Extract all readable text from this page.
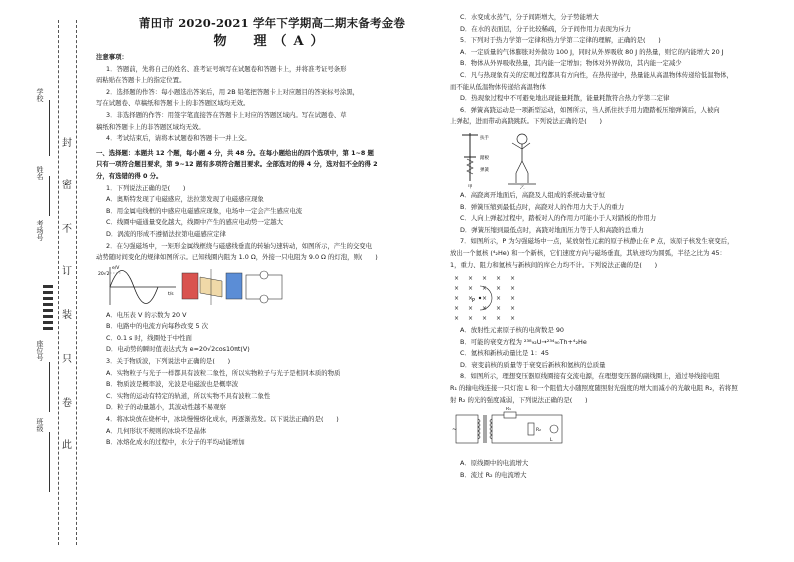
学校
姓名
考场号
座位号
班级
封
密
不
订
装
只
卷
此

莆田市 2020-2021 学年下学期高二期末备考金卷

物　理（A）

注意事项：

1．答题前，先将自己的姓名、准考证号填写在试题卷和答题卡上，并将准考证号条形

码粘贴在答题卡上的指定位置。

2．选择题的作答：每小题选出答案后，用 2B 铅笔把答题卡上对应题目的答案标号涂黑，

写在试题卷、草稿纸和答题卡上的非答题区域均无效。

3．非选择题的作答：用签字笔直接答在答题卡上对应的答题区域内。写在试题卷、草

稿纸和答题卡上的非答题区域均无效。

4．考试结束后，请将本试题卷和答题卡一并上交。

一、选择题：本题共 12 个题，每小题 4 分，共 48 分。在每小题给出的四个选项中，第 1~8 题

只有一项符合题目要求，第 9~12 题有多项符合题目要求。全部选对的得 4 分，选对但不全的得 2

分，有选错的得 0 分。

1．下列说法正确的是(　　)

A．奥斯特发现了电磁感应，法拉第发现了电磁感应现象

B．用金属电线框的中感应电磁感应现象，电场中一定会产生感应电流

C．线圈中磁通量变化越大，线圈中产生的感应电动势一定越大

D．涡流的形成不遵循法拉第电磁感应定律

2．在匀强磁场中，一矩形金属线框绕与磁感线垂直的转轴匀速转动，如图所示，产生的交变电

动势随时间变化的规律如图所示。已知线圈内阻为 1.0 Ω，外接一只电阻为 9.0 Ω 的灯泡，则(　　)

20√2
e/V
t/s

A．电压表 V 的示数为 20 V

B．电路中的电流方向每秒改变 5 次

C．0.1 s 时，线圈处于中性面

D．电动势的瞬时值表达式为 e=20√2cos10πt(V)

3．关于物质波，下列说法中正确的是(　　)

A．实物粒子与光子一样都具有波粒二象性，所以实物粒子与光子是相同本质的物质

B．物质波是概率波，光波是电磁波也是概率波

C．实物的运动有特定的轨道，所以实物不具有波粒二象性

D．粒子的动量越小，其波动性越不易观察

4．将冰块放在烧杯中，冰块慢慢熔化成水，再逐渐蒸发。以下说法正确的是(　　)

A．几何形状不规则的冰块不是晶体

B．冰熔化成水的过程中，水分子的平均动能增加

C．水变成水蒸气，分子间距增大，分子势能增大

D．在水的表面层，分子比较稀疏，分子间作用力表现为斥力

5．下列对于热力学第一定律和热力学第二定律的理解，正确的是(　　)

A．一定质量的气体膨胀对外做功 100 J，同时从外界吸收 80 J 的热量，则它的内能增大 20 J

B．物体从外界吸收热量，其内能一定增加；物体对外界做功，其内能一定减少

C．凡与热现象有关的宏观过程都具有方向性，在热传递中，热量能从高温物体传递给低温物体，

而不能从低温物体传递给高温物体

D．热现象过程中不可避免地出现能量耗散，能量耗散符合热力学第二定律

6．弹簧高跷运动是一项新型运动，如图所示，当人抓住扶手用力蹬踏板压缩弹簧后，人被向

上弹起，进而带动高跷跳跃。下列说法正确的是(　　)

扶手
踏板
弹簧
甲	乙

A．高跷离开地面后，高跷及人组成的系统动量守恒

B．弹簧压缩到最低点时，高跷对人的作用力大于人的重力

C．人向上弹起过程中，踏板对人的作用力可能小于人对踏板的作用力

D．弹簧压缩到最低点时，高跷对地面压力等于人和高跷的总重力

7．如图所示，P 为匀强磁场中一点，某放射性元素的原子核静止在 P 点，该原子核发生衰变后，

放出一个氦核 (⁴₂He) 和一个新核，它们速度方向与磁场垂直，其轨迹均为圆弧，半径之比为 45：

1，重力、阻力和氦核与新核间的库仑力均不计。下列说法正确的是(　　)

× × × × ×
× × × × ×
× × × × ×
× × × × ×
× × × × ×
P

A．放射性元素原子核的电荷数是 90

B．可能的衰变方程为 ²³⁸₉₂U→²³⁴₉₀Th+⁴₂He

C．氦核和新核动量比是 1：45

D．衰变前核的质量等于衰变后新核和氦核的总质量

8．如图所示，理想变压器原线圈接有交流电源，在理想变压器的副线圈上，通过导线接电阻

R₁ 的输电线连接一只灯泡 L 和一个阻值大小随照度随照射光强度的增大而减小的光敏电阻 R₂，若将照

射 R₂ 的光的强度减弱，下列说法正确的是(　　)

~
R₁
R₂
L

A．原线圈中的电流增大

B．流过 R₂ 的电流增大
